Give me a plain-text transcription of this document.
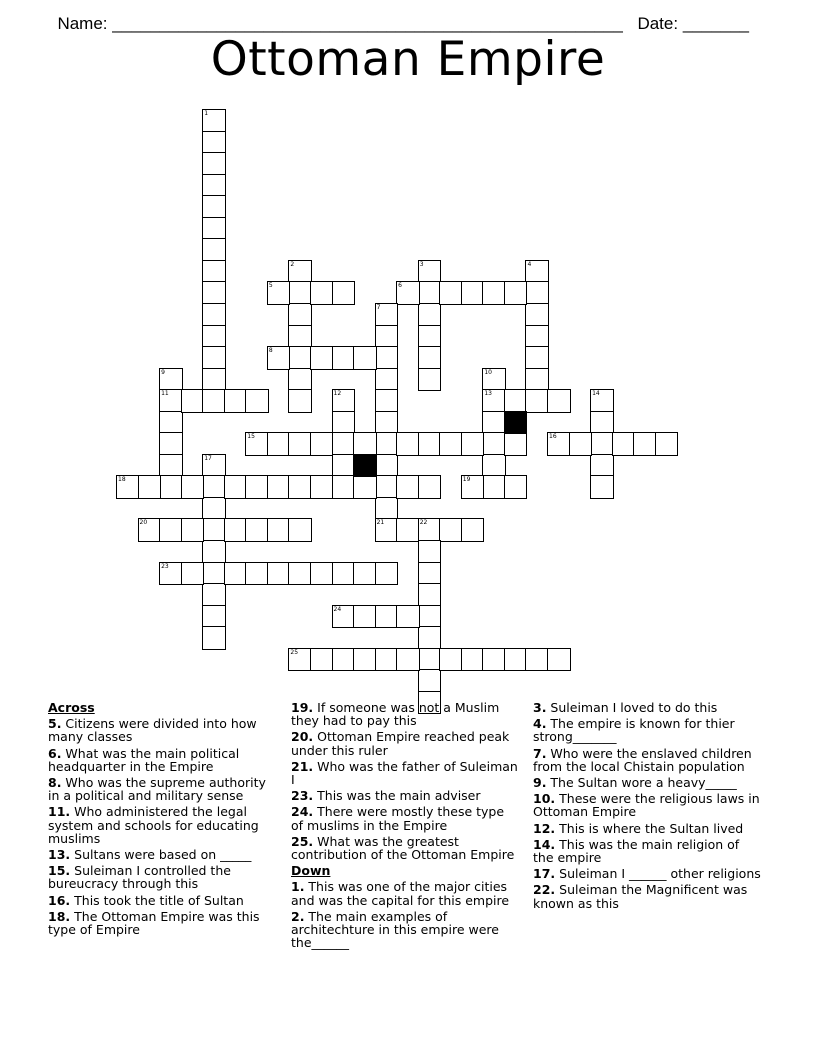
Name: ______________________________________________________ Date: _______

Ottoman Empire
1
2	3	4
5	6
7
21
8
9
11
10
13
12	14
15	16
17
18	19
20	22
23
24
25
Across
5. Citizens were divided into how many classes
6. What was the main political headquarter in the Empire
8. Who was the supreme authority in a political and military sense
11. Who administered the legal system and schools for educating muslims
13. Sultans were based on _____
15. Suleiman I controlled the bureucracy through this
16. This took the title of Sultan
18. The Ottoman Empire was this type of Empire
19. If someone was not a Muslim they had to pay this
20. Ottoman Empire reached peak under this ruler
21. Who was the father of Suleiman I
23. This was the main adviser
24. There were mostly these type of muslims in the Empire
25. What was the greatest contribution of the Ottoman Empire
Down
1. This was one of the major cities and was the capital for this empire
2. The main examples of architechture in this empire were the______
3. Suleiman I loved to do this
4. The empire is known for thier strong_______
7. Who were the enslaved children from the local Chistain population
9. The Sultan wore a heavy_____
10. These were the religious laws in Ottoman Empire
12. This is where the Sultan lived
14. This was the main religion of the empire
17. Suleiman I ______ other religions
22. Suleiman the Magnificent was known as this
